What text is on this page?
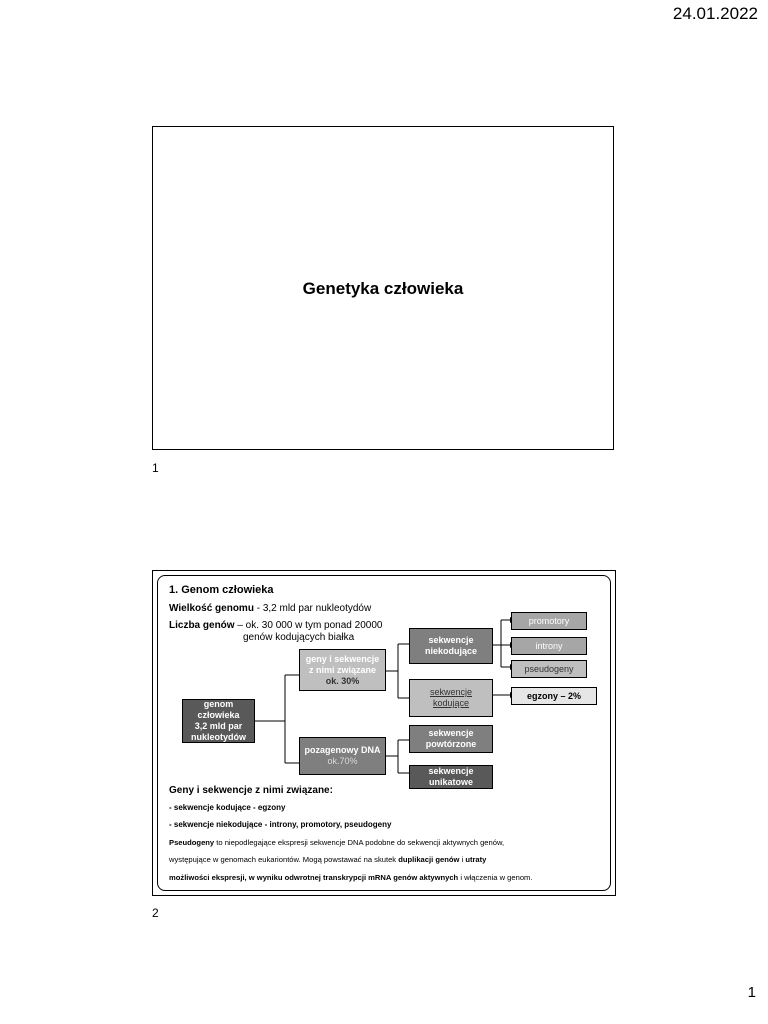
24.01.2022
Genetyka człowieka
1
1. Genom człowieka
Wielkość genomu - 3,2 mld par nukleotydów
Liczba genów – ok. 30 000 w tym ponad 20000
genów kodujących białka
genom człowieka
3,2 mld par
nukleotydów
geny i sekwencje
z nimi związane
ok. 30%
pozagenowy DNA
ok.70%
sekwencje
niekodujące
sekwencje
kodujące
sekwencje
powtórzone
sekwencje
unikatowe
promotory
introny
pseudogeny
egzony – 2%
Geny i sekwencje z nimi związane:
- sekwencje kodujące - egzony
- sekwencje niekodujące - introny, promotory, pseudogeny
Pseudogeny to niepodlegające ekspresji sekwencje DNA podobne do sekwencji aktywnych genów,
występujące w genomach eukariontów. Mogą powstawać na skutek duplikacji genów i utraty
możliwości ekspresji, w wyniku odwrotnej transkrypcji mRNA genów aktywnych i włączenia w genom.
2
1
